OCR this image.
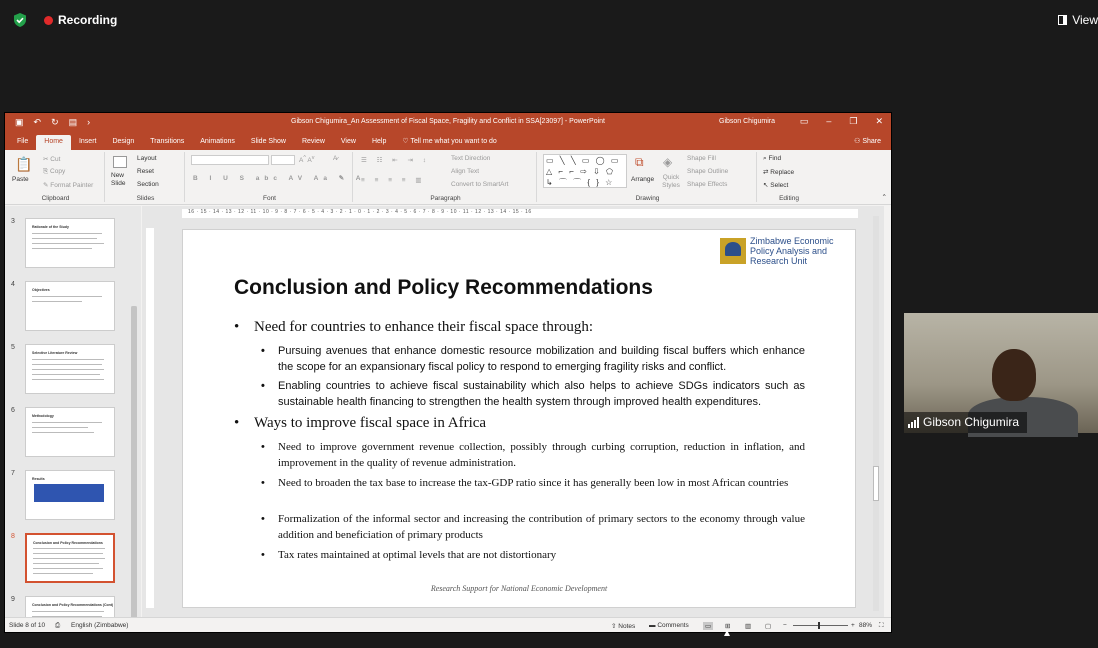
Recording	View
▣ ↶ ↻ ▤ ›	Gibson Chigumira_An Assessment of Fiscal Space, Fragility and Conflict in SSA[23097] - PowerPoint	Gibson Chigumira	▭ – ❐ ✕
File	Home	Insert	Design	Transitions	Animations	Slide Show	Review	View	Help	♡ Tell me what you want to do	⚇ Share
📋
Paste
✂ Cut
⎘ Copy
✎ Format Painter
Clipboard
New Slide
Layout
Reset
Section
Slides
A^ $A^v$	A̷
B I U S abc AV Aa ✎ A
Font
☰ ☷ ⇤ ⇥ ↕	Text Direction
Align Text
Convert to SmartArt
≡ ≡ ≡ ≡ ▥
Paragraph
▭ ╲ ╲ ▭ ◯ ▭ △ ⌐ ⌐ ⇨ ⇩ ⬠ ↳ ⌒ ⌒ { } ☆
⧉
Arrange
◈
Quick Styles
Shape Fill
Shape Outline
Shape Effects
Drawing
⌕ Find
⇄ Replace
↖ Select
Editing	⌃
3
Rationale of the Study
4
Objectives
5
Selective Literature Review
6
Methodology
7
Results
8
Conclusion and Policy Recommendations
9
Conclusion and Policy Recommendations (Cont)
16 · 15 · 14 · 13 · 12 · 11 · 10 · 9 · 8 · 7 · 6 · 5 · 4 · 3 · 2 · 1 · 0 · 1 · 2 · 3 · 4 · 5 · 6 · 7 · 8 · 9 · 10 · 11 · 12 · 13 · 14 · 15 · 16
Zimbabwe Economic
Policy Analysis and
Research Unit
Conclusion and Policy Recommendations
• Need for countries to enhance their fiscal space through:
• Pursuing avenues that enhance domestic resource mobilization and building fiscal buffers which enhance the scope for an expansionary fiscal policy to respond to emerging fragility risks and conflict.
• Enabling countries to achieve fiscal sustainability which also helps to achieve SDGs indicators such as sustainable health financing to strengthen the health system through improved health expenditures.
• Ways to improve fiscal space in Africa
• Need to improve government revenue collection, possibly through curbing corruption, reduction in inflation, and improvement in the quality of revenue administration.
• Need to broaden the tax base to increase the tax-GDP ratio since it has generally been low in most African countries
• Formalization of the informal sector and increasing the contribution of primary sectors to the economy through value addition and beneficiation of primary products
• Tax rates maintained at optimal levels that are not distortionary
Research Support for National Economic Development
Slide 8 of 10 ⎙ English (Zimbabwe)	⇧ Notes ▬ Comments	▭	⊞ ▥ ▢ −	+ 88% ⛶
Gibson Chigumira
